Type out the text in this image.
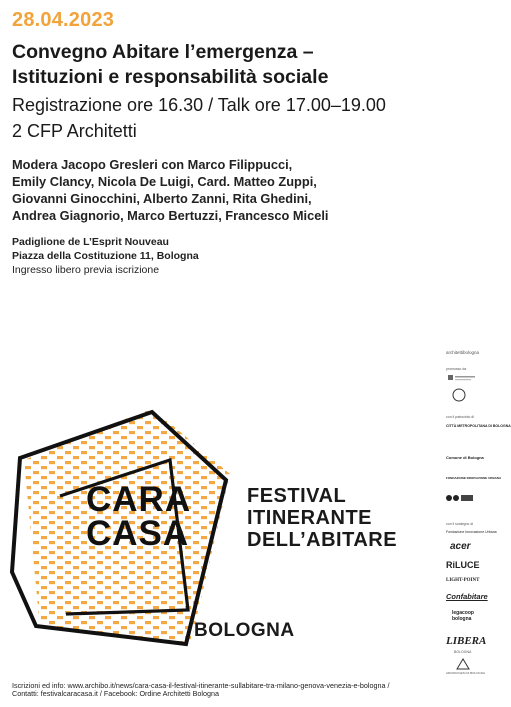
28.04.2023
Convegno Abitare l’emergenza –
Istituzioni e responsabilità sociale
Registrazione ore 16.30 / Talk ore 17.00–19.00
2 CFP Architetti
Modera Jacopo Gresleri con Marco Filippucci,
Emily Clancy, Nicola De Luigi, Card. Matteo Zuppi,
Giovanni Ginocchini, Alberto Zanni, Rita Ghedini,
Andrea Giagnorio, Marco Bertuzzi, Francesco Miceli
Padiglione de L’Esprit Nouveau
Piazza della Costituzione 11, Bologna
Ingresso libero previa iscrizione
CARA
CASA
FESTIVAL
ITINERANTE
DELL’ABITARE
BOLOGNA
architettibologna
promosso da
con il patrocinio di
CITTÀ METROPOLITANA DI BOLOGNA
Comune di Bologna
FONDAZIONE INNOVAZIONE URBANA
con il sostegno di
Fondazione Innovazione Urbana
acer
RiLUCE
LIGHT-POINT
Confabitare
legacoop bologna
LIBERA
BOLOGNA
ARCIDIOCESI DI BOLOGNA
Iscrizioni ed info: www.archibo.it/news/cara-casa-il-festival-itinerante-sullabitare-tra-milano-genova-venezia-e-bologna /
Contatti: festivalcaracasa.it / Facebook: Ordine Architetti Bologna
